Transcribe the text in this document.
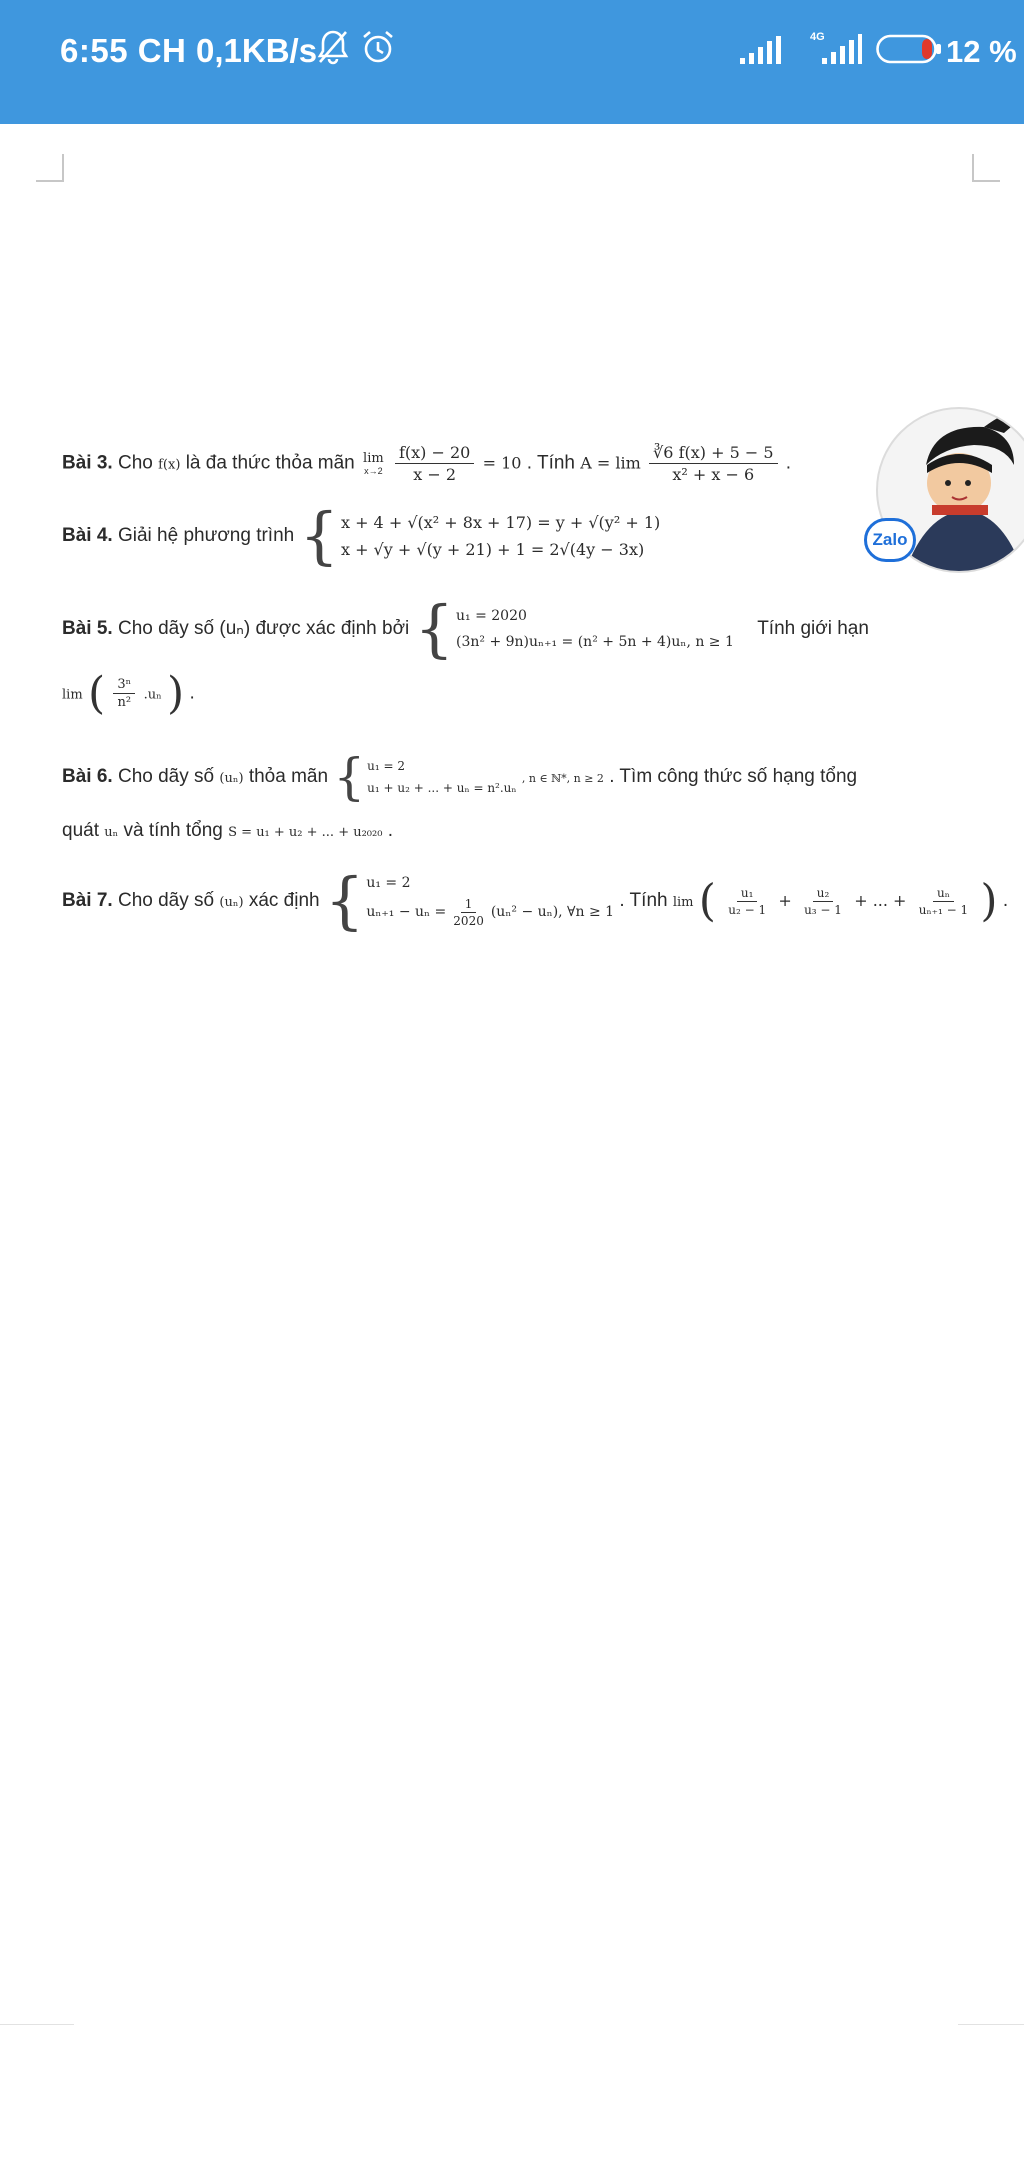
6:55 CH 0,1KB/s	4G	12 %
Bài 3. Cho f(x) là đa thức thỏa mãn lim
x→2
$\frac{f(x) - 20}{x - 2} = 10$ . Tính $A = \lim \frac{∛6 f(x) + 5 - 5}{\text{x² + x − 6}}$ .
Bài 4. Giải hệ phương trình { x + 4 + √(x² + 8x + 17) = y + √(y² + 1)
x + √y + √(y + 21) + 1 = 2√(4y − 3x)
Bài 5. Cho dãy số (uₙ) được xác định bởi { u₁ = 2020
(3n² + 9n)uₙ₊₁ = (n² + 5n + 4)uₙ, n ≥ 1
Tính giới hạn
lim ( $\frac{\text{3ⁿ}}{\text{n²}} .u_n$ ) .
Bài 6. Cho dãy số (uₙ) thỏa mãn { u₁ = 2
u₁ + u₂ + ... + uₙ = n².uₙ
, n ∈ ℕ*, n ≥ 2 . Tìm công thức số hạng tổng
quát uₙ và tính tổng S = u₁ + u₂ + ... + u₂₀₂₀ .
Bài 7. Cho dãy số (uₙ) xác định { u₁ = 2
$u_{n+1} - u_n = \frac{1}{2020} (u_n^2 - u_n)$, ∀n ≥ 1
. Tính lim ( $\frac{\text{u₁}}{\text{u₂ − 1}} + \frac{\text{u₂}}{\text{u₃ − 1}}$ + ... + $\frac{\text{uₙ}}{\text{uₙ₊₁ − 1}}$ ) .
Zalo
